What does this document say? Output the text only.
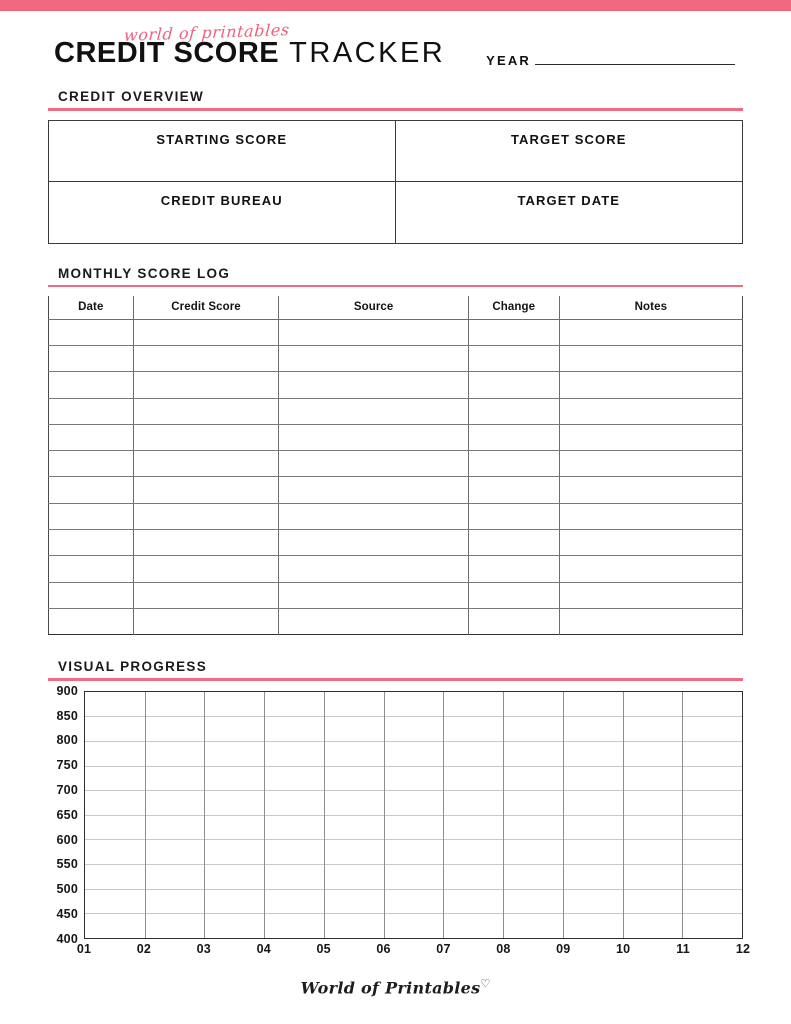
world of printables
CREDIT SCORE TRACKER	YEAR
CREDIT OVERVIEW
STARTING SCORE	TARGET SCORE
CREDIT BUREAU	TARGET DATE
MONTHLY SCORE LOG
Date	Credit Score	Source	Change	Notes

VISUAL PROGRESS
900
850
800
750
700
650
600
550
500
450
400
01	02	03	04	05	06	07	08	09	10	11	12
World of Printables♡
